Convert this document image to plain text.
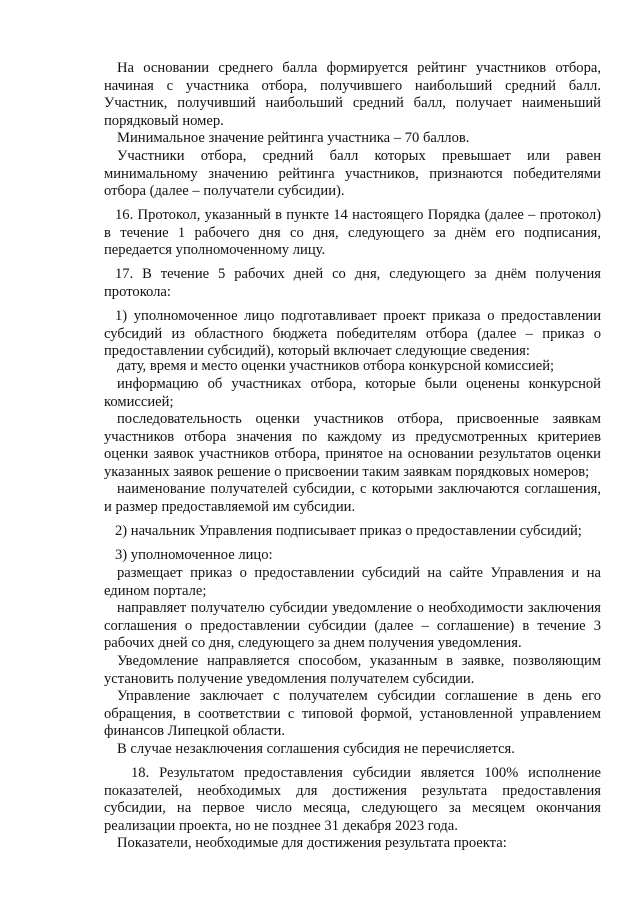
На основании среднего балла формируется рейтинг участников отбора, начиная с участника отбора, получившего наибольший средний балл. Участник, получивший наибольший средний балл, получает наименьший порядковый номер.

Минимальное значение рейтинга участника – 70 баллов.

Участники отбора, средний балл которых превышает или равен минимальному значению рейтинга участников, признаются победителями отбора (далее – получатели субсидии).

16. Протокол, указанный в пункте 14 настоящего Порядка (далее – протокол) в течение 1 рабочего дня со дня, следующего за днём его подписания, передается уполномоченному лицу.

17. В течение 5 рабочих дней со дня, следующего за днём получения протокола:

1) уполномоченное лицо подготавливает проект приказа о предоставлении субсидий из областного бюджета победителям отбора (далее – приказ о предоставлении субсидий), который включает следующие сведения:

дату, время и место оценки участников отбора конкурсной комиссией;

информацию об участниках отбора, которые были оценены конкурсной комиссией;

последовательность оценки участников отбора, присвоенные заявкам участников отбора значения по каждому из предусмотренных критериев оценки заявок участников отбора, принятое на основании результатов оценки указанных заявок решение о присвоении таким заявкам порядковых номеров;

наименование получателей субсидии, с которыми заключаются соглашения, и размер предоставляемой им субсидии.

2) начальник Управления подписывает приказ о предоставлении субсидий;

3) уполномоченное лицо:

размещает приказ о предоставлении субсидий на сайте Управления и на едином портале;

направляет получателю субсидии уведомление о необходимости заключения соглашения о предоставлении субсидии (далее – соглашение) в течение 3 рабочих дней со дня, следующего за днем получения уведомления.

Уведомление направляется способом, указанным в заявке, позволяющим установить получение уведомления получателем субсидии.

Управление заключает с получателем субсидии соглашение в день его обращения, в соответствии с типовой формой, установленной управлением финансов Липецкой области.

В случае незаключения соглашения субсидия не перечисляется.

18. Результатом предоставления субсидии является 100% исполнение показателей, необходимых для достижения результата предоставления субсидии, на первое число месяца, следующего за месяцем окончания реализации проекта, но не позднее 31 декабря 2023 года.

Показатели, необходимые для достижения результата проекта:
